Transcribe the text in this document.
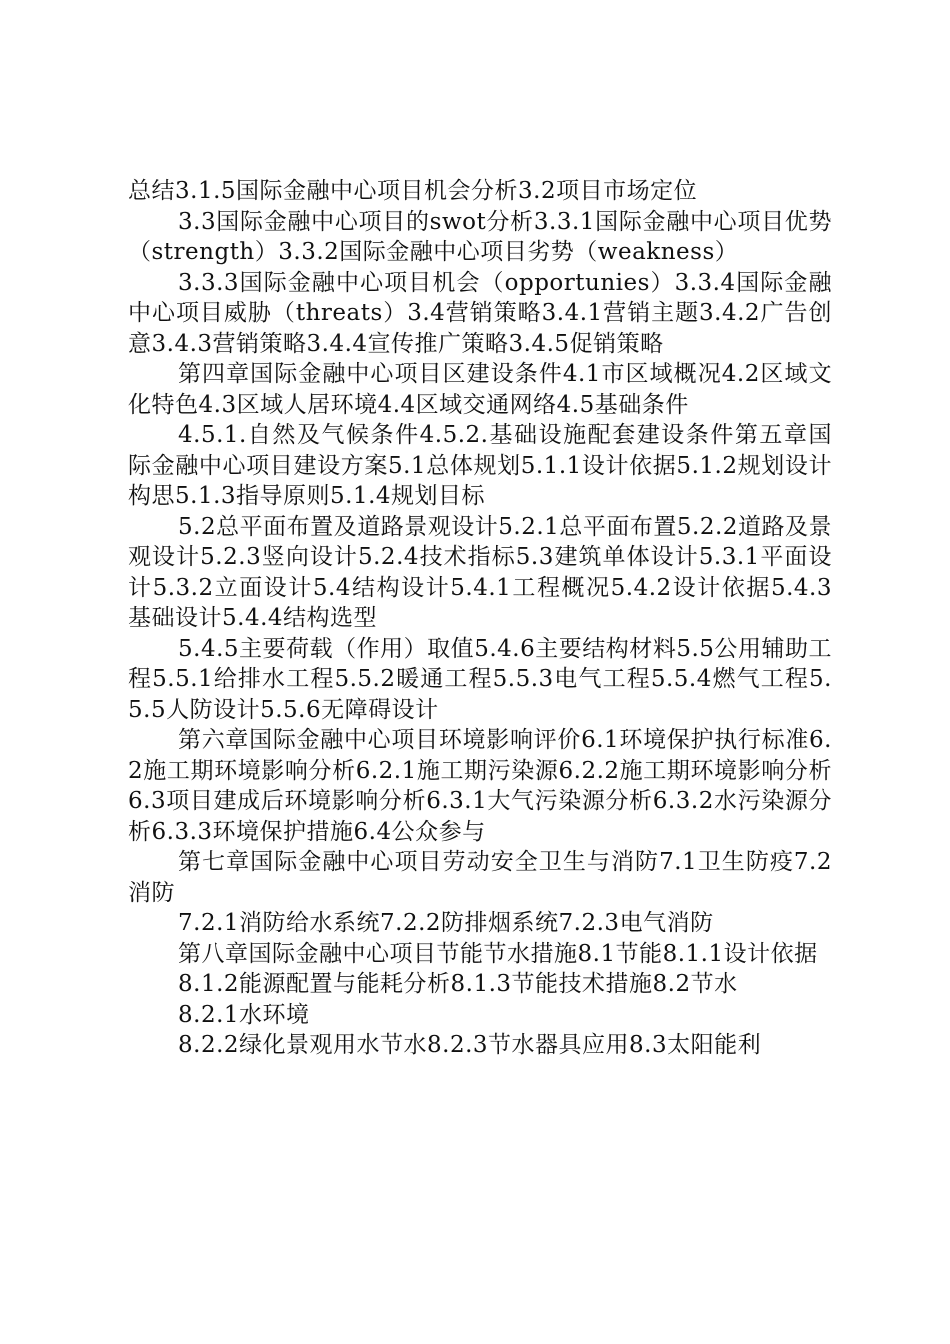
总结3.1.5国际金融中心项目机会分析3.2项目市场定位

3.3国际金融中心项目的swot分析3.3.1国际金融中心项目优势（strength）3.3.2国际金融中心项目劣势（weakness）

3.3.3国际金融中心项目机会（opportunies）3.3.4国际金融中心项目威胁（threats）3.4营销策略3.4.1营销主题3.4.2广告创意3.4.3营销策略3.4.4宣传推广策略3.4.5促销策略

第四章国际金融中心项目区建设条件4.1市区域概况4.2区域文化特色4.3区域人居环境4.4区域交通网络4.5基础条件

4.5.1.自然及气候条件4.5.2.基础设施配套建设条件第五章国际金融中心项目建设方案5.1总体规划5.1.1设计依据5.1.2规划设计构思5.1.3指导原则5.1.4规划目标

5.2总平面布置及道路景观设计5.2.1总平面布置5.2.2道路及景观设计5.2.3竖向设计5.2.4技术指标5.3建筑单体设计5.3.1平面设计5.3.2立面设计5.4结构设计5.4.1工程概况5.4.2设计依据5.4.3基础设计5.4.4结构选型

5.4.5主要荷载（作用）取值5.4.6主要结构材料5.5公用辅助工程5.5.1给排水工程5.5.2暖通工程5.5.3电气工程5.5.4燃气工程5.5.5人防设计5.5.6无障碍设计

第六章国际金融中心项目环境影响评价6.1环境保护执行标准6.2施工期环境影响分析6.2.1施工期污染源6.2.2施工期环境影响分析6.3项目建成后环境影响分析6.3.1大气污染源分析6.3.2水污染源分析6.3.3环境保护措施6.4公众参与

第七章国际金融中心项目劳动安全卫生与消防7.1卫生防疫7.2消防

7.2.1消防给水系统7.2.2防排烟系统7.2.3电气消防

第八章国际金融中心项目节能节水措施8.1节能8.1.1设计依据

8.1.2能源配置与能耗分析8.1.3节能技术措施8.2节水

8.2.1水环境

8.2.2绿化景观用水节水8.2.3节水器具应用8.3太阳能利
